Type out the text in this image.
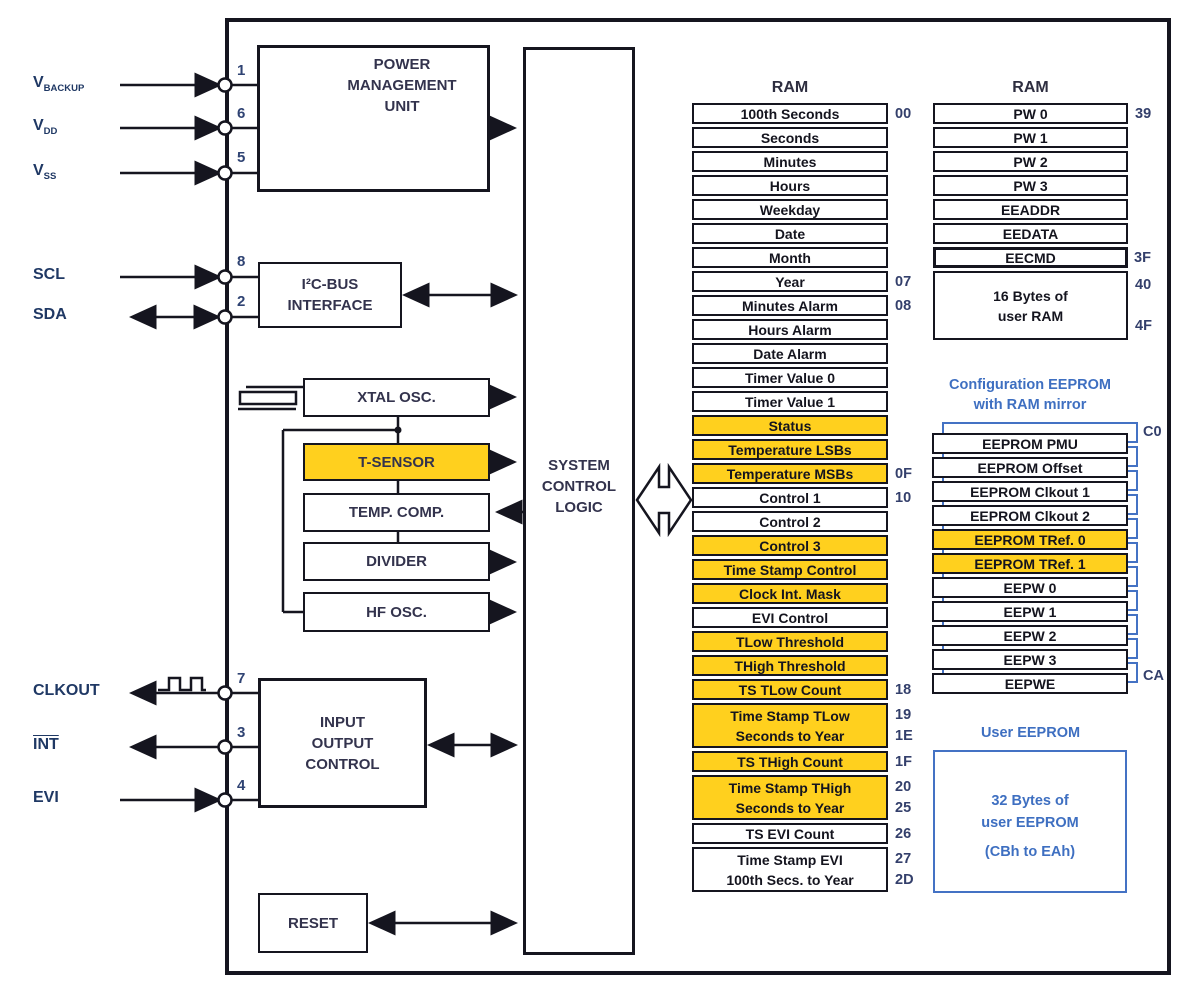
$V_{BACKUP}$
$V_{DD}$
$V_{SS}$
SCL
SDA
CLKOUT
$\overline{INT}$
EVI
1
6
5
8
2
7
3
4
POWER
MANAGEMENT
UNIT
I²C-BUS
INTERFACE
XTAL OSC.
T-SENSOR
TEMP. COMP.
DIVIDER
HF OSC.
SYSTEM
CONTROL
LOGIC
INPUT
OUTPUT
CONTROL
RESET
RAM	RAM
100th Seconds	00
Seconds
Minutes
Hours
Weekday
Date
Month
Year	07
Minutes Alarm	08
Hours Alarm
Date Alarm
Timer Value 0
Timer Value 1
Status
Temperature LSBs
Temperature MSBs	0F
Control 1	10
Control 2
Control 3
Time Stamp Control
Clock Int. Mask
EVI Control
TLow Threshold
THigh Threshold
TS TLow Count	18
Time Stamp TLow
Seconds to Year
19
1E
TS THigh Count	1F
Time Stamp THigh
Seconds to Year
20
25
TS EVI Count	26
Time Stamp EVI
100th Secs. to Year
27
2D
PW 0	39
PW 1
PW 2
PW 3
EEADDR
EEDATA
EECMD	3F
16 Bytes of
user RAM
40
4F
Configuration EEPROM
with RAM mirror
EEPROM PMU
EEPROM Offset
EEPROM Clkout 1
EEPROM Clkout 2
EEPROM TRef. 0
EEPROM TRef. 1
EEPW 0
EEPW 1
EEPW 2
EEPW 3
EEPWE
C0
CA
User EEPROM
32 Bytes of
user EEPROM
(CBh to EAh)
